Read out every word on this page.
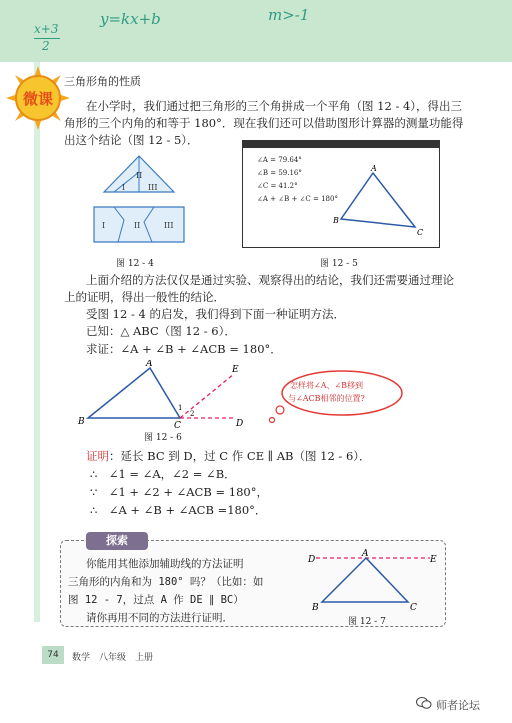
x+3
2
y=kx+b	m>-1
微课
三角形角的性质
在小学时，我们通过把三角形的三个角拼成一个平角（图 12 - 4），得出三
角形的三个内角的和等于 180°．现在我们还可以借助图形计算器的测量功能得
出这个结论（图 12 - 5）．
II
I	III
I	II	III
图 12 - 4
∠A = 79.64°
∠B = 59.16°
∠C = 41.2°
∠A + ∠B + ∠C = 180°
A
B
C
图 12 - 5
上面介绍的方法仅仅是通过实验、观察得出的结论，我们还需要通过理论
上的证明，得出一般性的结论．
受图 12 - 4 的启发，我们得到下面一种证明方法．
已知：△ ABC（图 12 - 6）．
求证：∠A + ∠B + ∠ACB = 180°．
A
B	C	D
E
1
2
图 12 - 6
怎样将∠A、∠B移到
与∠ACB相邻的位置?
证明：延长 BC 到 D，过 C 作 CE ∥ AB（图 12 - 6）．
∴　∠1 = ∠A，∠2 = ∠B．
∵　∠1 + ∠2 + ∠ACB = 180°，
∴　∠A + ∠B + ∠ACB =180°．
探索
你能用其他添加辅助线的方法证明
三角形的内角和为 180° 吗？（比如：如
图 12 - 7，过点 A 作 DE ∥ BC）
请你再用不同的方法进行证明．
D
A
E
B	C
图 12 - 7
74	数学　八年级　上册
师者论坛
